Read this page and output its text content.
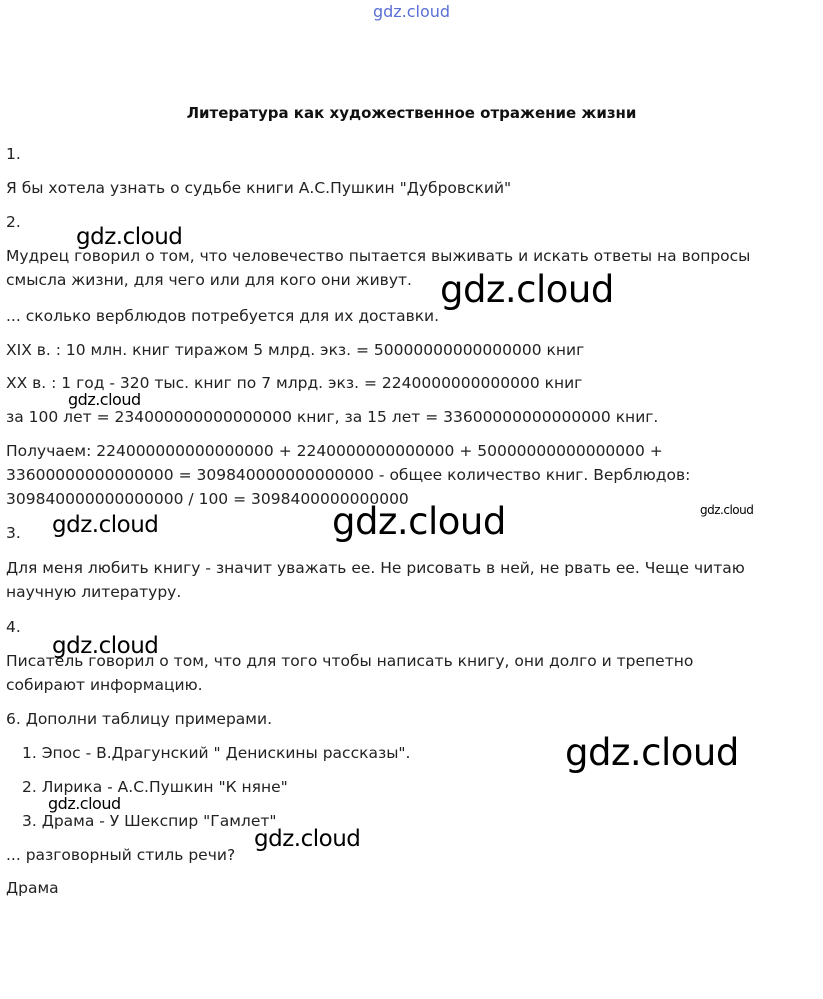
gdz.cloud
Литература как художественное отражение жизни
1.
Я бы хотела узнать о судьбе книги А.С.Пушкин "Дубровский"
2.
Мудрец говорил о том, что человечество пытается выживать и искать ответы на вопросы
смысла жизни, для чего или для кого они живут.
... сколько верблюдов потребуется для их доставки.
XIX в. : 10 млн. книг тиражом 5 млрд. экз. = 50000000000000000 книг
XX в. : 1 год - 320 тыс. книг по 7 млрд. экз. = 2240000000000000 книг
за 100 лет = 234000000000000000 книг, за 15 лет = 33600000000000000 книг.
Получаем: 224000000000000000 + 2240000000000000 + 50000000000000000 +
33600000000000000 = 309840000000000000 - общее количество книг. Верблюдов:
309840000000000000 / 100 = 3098400000000000
3.
Для меня любить книгу - значит уважать ее. Не рисовать в ней, не рвать ее. Чеще читаю
научную литературу.
4.
Писатель говорил о том, что для того чтобы написать книгу, они долго и трепетно
собирают информацию.
6. Дополни таблицу примерами.
1. Эпос - В.Драгунский " Денискины рассказы".
2. Лирика - А.С.Пушкин "К няне"
3. Драма - У Шекспир "Гамлет"
... разговорный стиль речи?
Драма
gdz.cloud
gdz.cloud
gdz.cloud
gdz.cloud	gdz.cloud	gdz.cloud
gdz.cloud
gdz.cloud
gdz.cloud
gdz.cloud
